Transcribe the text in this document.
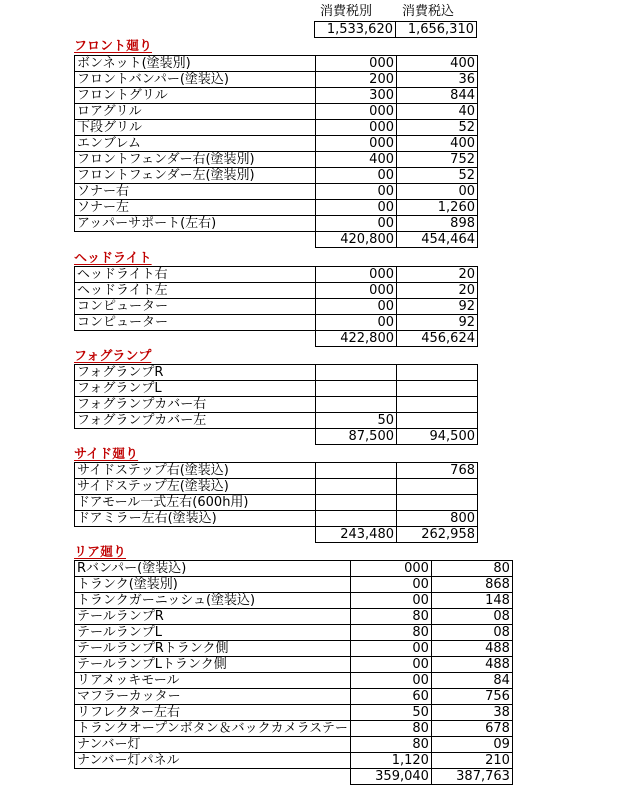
消費税別 消費税込
	1,533,620	1,656,310
フロント廻り
ボンネット(塗装別)	000	400
フロントバンパー(塗装込)	200	36
フロントグリル	300	844
ロアグリル	000	40
下段グリル	000	52
エンブレム	000	400
フロントフェンダー右(塗装別)	400	752
フロントフェンダー左(塗装別)	00	52
ソナー右	00	00
ソナー左	00	1,260
アッパーサポート(左右)	00	898
	420,800	454,464
ヘッドライト
ヘッドライト右	000	20
ヘッドライト左	000	20
コンピューター	00	92
コンピューター	00	92
	422,800	456,624
フォグランプ
フォグランプR		
フォグランプL		
フォグランプカバー右		
フォグランプカバー左	50	
	87,500	94,500
サイド廻り
サイドステップ右(塗装込)		768
サイドステップ左(塗装込)		
ドアモール一式左右(600h用)		
ドアミラー左右(塗装込)		800
	243,480	262,958
リア廻り
Rバンパー(塗装込)	000	80
トランク(塗装別)	00	868
トランクガーニッシュ(塗装込)	00	148
テールランプR	80	08
テールランプL	80	08
テールランプRトランク側	00	488
テールランプLトランク側	00	488
リアメッキモール	00	84
マフラーカッター	60	756
リフレクター左右	50	38
トランクオープンボタン＆バックカメラステー	80	678
ナンバー灯	80	09
ナンバー灯パネル	1,120	210
	359,040	387,763
